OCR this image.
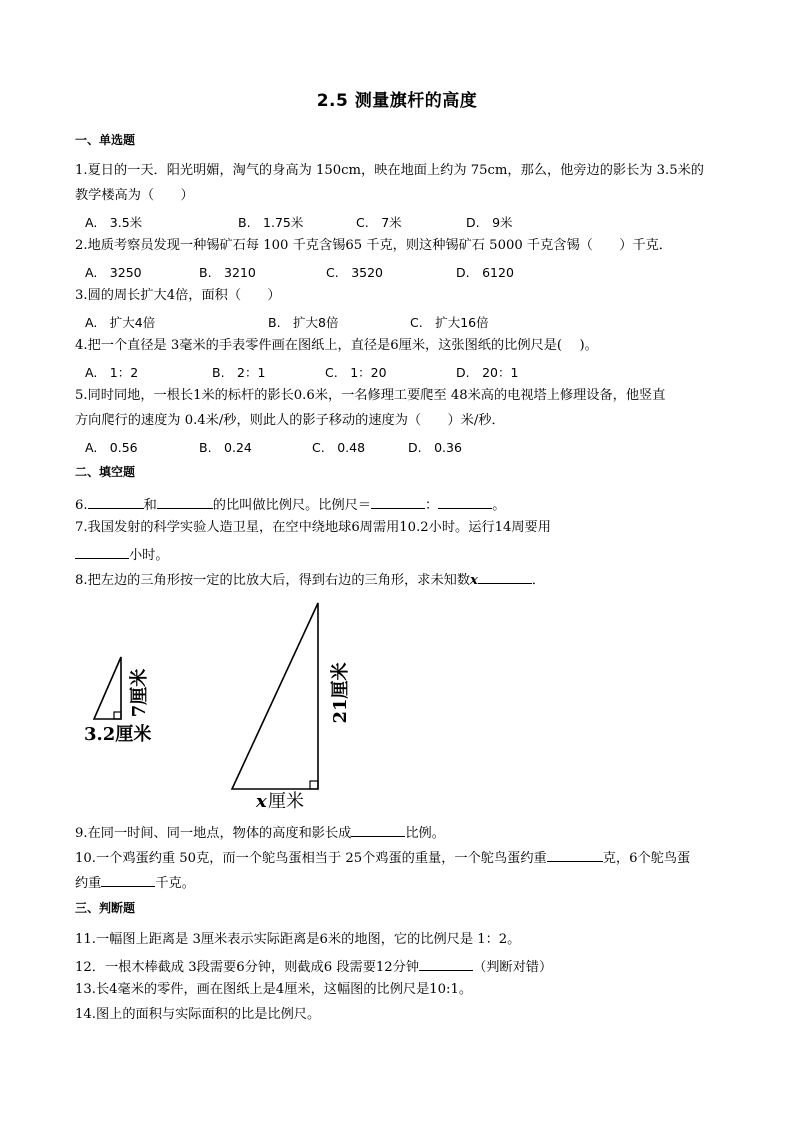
2.5 测量旗杆的高度
一、单选题
1.夏日的一天．阳光明媚，淘气的身高为 150cm，映在地面上约为 75cm，那么，他旁边的影长为 3.5米的
教学楼高为（　　）
A.　3.5米	B.　1.75米	C.　7米	D.　9米
2.地质考察员发现一种锡矿石每 100 千克含锡65 千克，则这种锡矿石 5000 千克含锡（　　）千克．
A.　3250	B.　3210	C.　3520	D.　6120
3.圆的周长扩大4倍，面积（　　）
A.　扩大4倍	B.　扩大8倍	C.　扩大16倍
4.把一个直径是 3毫米的手表零件画在图纸上，直径是6厘米，这张图纸的比例尺是(　 )。
A.　1：2	B.　2：1	C.　1：20	D.　20：1
5.同时同地，一根长1米的标杆的影长0.6米，一名修理工要爬至 48米高的电视塔上修理设备，他竖直
方向爬行的速度为 0.4米/秒，则此人的影子移动的速度为（　　）米/秒．
A.　0.56	B.　0.24	C.　0.48	D.　0.36
二、填空题
6.	和	的比叫做比例尺。比例尺＝	：	。
7.我国发射的科学实验人造卫星，在空中绕地球6周需用10.2小时。运行14周要用
小时。
8.把左边的三角形按一定的比放大后，得到右边的三角形，求未知数x	．
7厘米
3.2厘米
21厘米
x 厘米
9.在同一时间、同一地点，物体的高度和影长成	比例。
10.一个鸡蛋约重 50克，而一个鸵鸟蛋相当于 25个鸡蛋的重量，一个鸵鸟蛋约重	克，6个鸵鸟蛋
约重	千克。
三、判断题
11.一幅图上距离是 3厘米表示实际距离是6米的地图，它的比例尺是 1：2。
12．一根木棒截成 3段需要6分钟，则截成6 段需要12分钟	（判断对错）
13.长4毫米的零件，画在图纸上是4厘米，这幅图的比例尺是10:1。
14.图上的面积与实际面积的比是比例尺。
